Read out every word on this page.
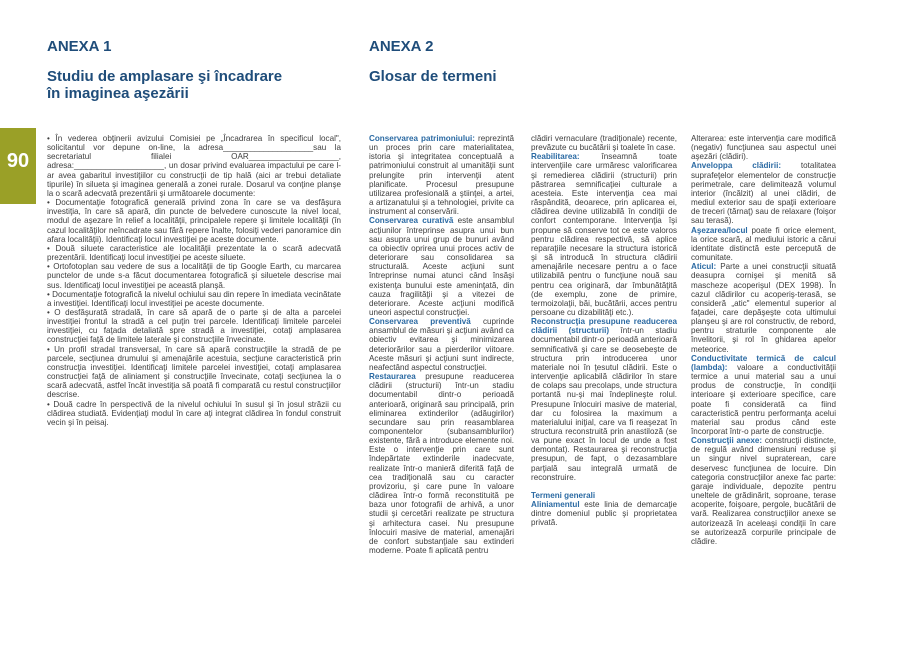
90
ANEXA 1
Studiu de amplasare şi încadrare
în imaginea aşezării

• În vederea obţinerii avizului Comisiei pe „Încadrarea în specificul local", solicitantul vor depune on-line, la adresa____________________sau la secretariatul filialei OAR____________________, adresa:____________________, un dosar privind evaluarea impactului pe care l-ar avea gabaritul investiţiilor cu construcţii de tip hală (aici ar trebui detaliate tipurile) în silueta şi imaginea generală a zonei rurale. Dosarul va conţine planşe la o scară adecvată prezentării şi următoarele documente:

• Documentaţie fotografică generală privind zona în care se va desfăşura investiţia, în care să apară, din puncte de belvedere cunoscute la nivel local, modul de aşezare în relief a localităţii, principalele repere şi limitele localităţii (în cazul localităţilor neîncadrate sau fără repere înalte, folosiţi vederi panoramice din afara localităţii). Identificaţi locul investiţiei pe aceste documente.

• Două siluete caracteristice ale localităţii prezentate la o scară adecvată prezentării. Identificaţi locul investiţiei pe aceste siluete.

• Ortofotoplan sau vedere de sus a localităţii de tip Google Earth, cu marcarea punctelor de unde s-a făcut documentarea fotografică şi siluetele descrise mai sus. Identificaţi locul investiţiei pe această planşă.

• Documentaţie fotografică la nivelul ochiului sau din repere în imediata vecinătate a investiţiei. Identificaţi locul investiţiei pe aceste documente.

• O desfăşurată stradală, în care să apară de o parte şi de alta a parcelei investiţiei frontul la stradă a cel puţin trei parcele. Identificaţi limitele parcelei investiţiei, cu faţada detaliată spre stradă a investiţiei, cotaţi amplasarea construcţiei faţă de limitele laterale şi construcţiile învecinate.

• Un profil stradal transversal, în care să apară construcţiile la stradă de pe parcele, secţiunea drumului şi amenajările acestuia, secţiune caracteristică prin construcţia investiţiei. Identificaţi limitele parcelei investiţiei, cotaţi amplasarea construcţiei faţă de aliniament şi construcţiile învecinate, cotaţi secţiunea la o scară adecvată, astfel încât investiţia să poată fi comparată cu restul construcţiilor descrise.

• Două cadre în perspectivă de la nivelul ochiului în susul şi în josul străzii cu clădirea studiată. Evidenţiaţi modul în care aţi integrat clădirea în fondul construit vecin şi în peisaj.

ANEXA 2
Glosar de termeni

Conservarea patrimoniului: reprezintă un proces prin care materialitatea, istoria şi integritatea conceptuală a patrimoniului construit al umanităţii sunt prelungite prin intervenţii atent planificate. Procesul presupune utilizarea profesională a ştiinţei, a artei, a artizanatului şi a tehnologiei, privite ca instrument al conservării.

Conservarea curativă este ansamblul acţiunilor întreprinse asupra unui bun sau asupra unui grup de bunuri având ca obiectiv oprirea unui proces activ de deteriorare sau consolidarea sa structurală. Aceste acţiuni sunt întreprinse numai atunci când însăşi existenţa bunului este ameninţată, din cauza fragilităţii şi a vitezei de deteriorare. Aceste acţiuni modifică uneori aspectul construcţiei.

Conservarea preventivă cuprinde ansamblul de măsuri şi acţiuni având ca obiectiv evitarea şi minimizarea deteriorărilor sau a pierderilor viitoare. Aceste măsuri şi acţiuni sunt indirecte, neafectând aspectul construcţiei.

Restaurarea presupune readucerea clădirii (structurii) într-un stadiu documentabil dintr-o perioadă anterioară, originară sau principală, prin eliminarea extinderilor (adăugirilor) secundare sau prin reasamblarea componentelor (subansamblurilor) existente, fără a introduce elemente noi. Este o intervenţie prin care sunt îndepărtate extinderile inadecvate, realizate într-o manieră diferită faţă de cea tradiţională sau cu caracter provizoriu, şi care pune în valoare clădirea într-o formă reconstituită pe baza unor fotografii de arhivă, a unor studii şi cercetări realizate pe structura şi arhitectura casei. Nu presupune înlocuiri masive de material, amenajări de confort substanţiale sau extinderi moderne. Poate fi aplicată pentru

clădiri vernaculare (tradiţionale) recente, prevăzute cu bucătării şi toalete în case.

Reabilitarea:	înseamnă toate intervenţiile care urmăresc valorificarea şi remedierea clădirii (structurii) prin păstrarea semnificaţiei culturale a acesteia. Este intervenţia cea mai răspândită, deoarece, prin aplicarea ei, clădirea devine utilizabilă în condiţii de confort contemporane. Intervenţia îşi propune să conserve tot ce este valoros pentru clădirea respectivă, să aplice reparaţiile necesare la structura istorică şi să introducă în structura clădirii amenajările necesare pentru a o face utilizabilă pentru o funcţiune nouă sau pentru cea originară, dar îmbunătăţită (de exemplu, zone de primire, termoizolaţii, băi, bucătării, acces pentru persoane cu dizabilităţi etc.).

Reconstrucţia presupune readucerea clădirii (structurii) într-un stadiu documentabil dintr-o perioadă anterioară semnificativă şi care se deosebeşte de structura prin introducerea unor materiale noi în ţesutul clădirii. Este o intervenţie aplicabilă clădirilor în stare de colaps sau precolaps, unde structura portantă nu-şi mai îndeplineşte rolul. Presupune înlocuiri masive de material, dar cu folosirea la maximum a materialului iniţial, care va fi reaşezat în structura reconstruită prin anastiloză (se va pune exact în locul de unde a fost demontat). Restaurarea şi reconstrucţia presupun, de fapt, o dezasamblare parţială sau integrală urmată de reconstruire.

Termeni generali

Aliniamentul este linia de demarcaţie dintre domeniul public şi proprietatea privată.

Alterarea: este intervenţia care modifică (negativ) funcţiunea sau aspectul unei aşezări (clădiri).

Anveloppa clădirii: totalitatea suprafeţelor elementelor de construcţie perimetrale, care delimitează volumul interior (încălzit) al unei clădiri, de mediul exterior sau de spaţii exterioare de treceri (tărnaţ) sau de relaxare (foişor sau terasă).

Aşezarea/locul poate fi orice element, la orice scară, al mediului istoric a cărui identitate distinctă este percepută de comunitate.

Aticul: Parte a unei construcţii situată deasupra cornişei şi menită să mascheze acoperişul (DEX 1998). În cazul clădirilor cu acoperiş-terasă, se consideră „atic" elementul superior al faţadei, care depăşeşte cota ultimului planşeu şi are rol constructiv, de rebord, pentru straturile componente ale învelitorii, şi rol în ghidarea apelor meteorice.

Conductivitate termică de calcul (lambda): valoare a conductivităţii termice a unui material sau a unui produs de construcţie, în condiţii interioare şi exterioare specifice, care poate fi considerată ca fiind caracteristică pentru performanţa acelui material sau produs când este încorporat într-o parte de construcţie.

Construcţii anexe: construcţii distincte, de regulă având dimensiuni reduse şi un singur nivel supraterean, care deservesc funcţiunea de locuire. Din categoria construcţiilor anexe fac parte: garaje individuale, depozite pentru uneltele de grădinărit, soproane, terase acoperite, foişoare, pergole, bucătării de vară. Realizarea construcţiilor anexe se autorizează în aceleaşi condiţii în care se autorizează corpurile principale de clădire.
